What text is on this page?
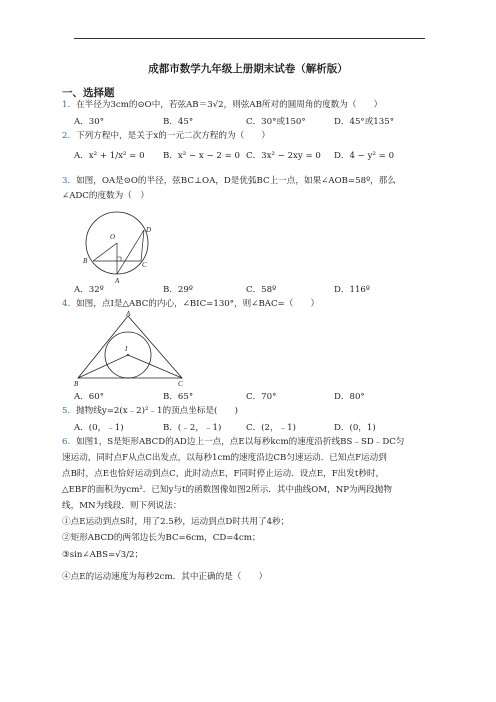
成都市数学九年级上册期末试卷（解析版）
一、选择题
1．在半径为3cm的⊙O中，若弦AB＝3√2，则弦AB所对的圆周角的度数为（　　）
A．30°	B．45°	C．30°或150°	D．45°或135°
2．下列方程中，是关于x的一元二次方程的为（　　）
A．x² + 1/x² = 0 B．x² − x − 2 = 0 C．3x² − 2xy = 0 D．4 − y² = 0
3．如图，OA是⊙O的半径，弦BC⊥OA，D是优弧BC上一点，如果∠AOB=58º，那么
∠ADC的度数为（　）
O
D
B	C
A
A．32º	B．29º	C．58º	D．116º
4．如图，点I是△ABC的内心，∠BIC=130°，则∠BAC=（　　）
A
I
B	C
A．60°	B．65°	C．70°	D．80°
5．抛物线y=2(x﹣2)²﹣1的顶点坐标是(　　)
A．(0，﹣1)	B．(﹣2，﹣1)	C．(2，﹣1)	D．(0，1)
6．如图1，S是矩形ABCD的AD边上一点，点E以每秒kcm的速度沿折线BS﹣SD﹣DC匀
速运动，同时点F从点C出发点，以每秒1cm的速度沿边CB匀速运动．已知点F运动到
点B时，点E也恰好运动到点C，此时动点E，F同时停止运动．设点E，F出发t秒时，
△EBF的面积为ycm²．已知y与t的函数图像如图2所示．其中曲线OM，NP为两段抛物
线，MN为线段．则下列说法：
①点E运动到点S时，用了2.5秒，运动到点D时共用了4秒；
②矩形ABCD的两邻边长为BC=6cm，CD=4cm；
③sin∠ABS=√3/2；
④点E的运动速度为每秒2cm．其中正确的是（　　）
